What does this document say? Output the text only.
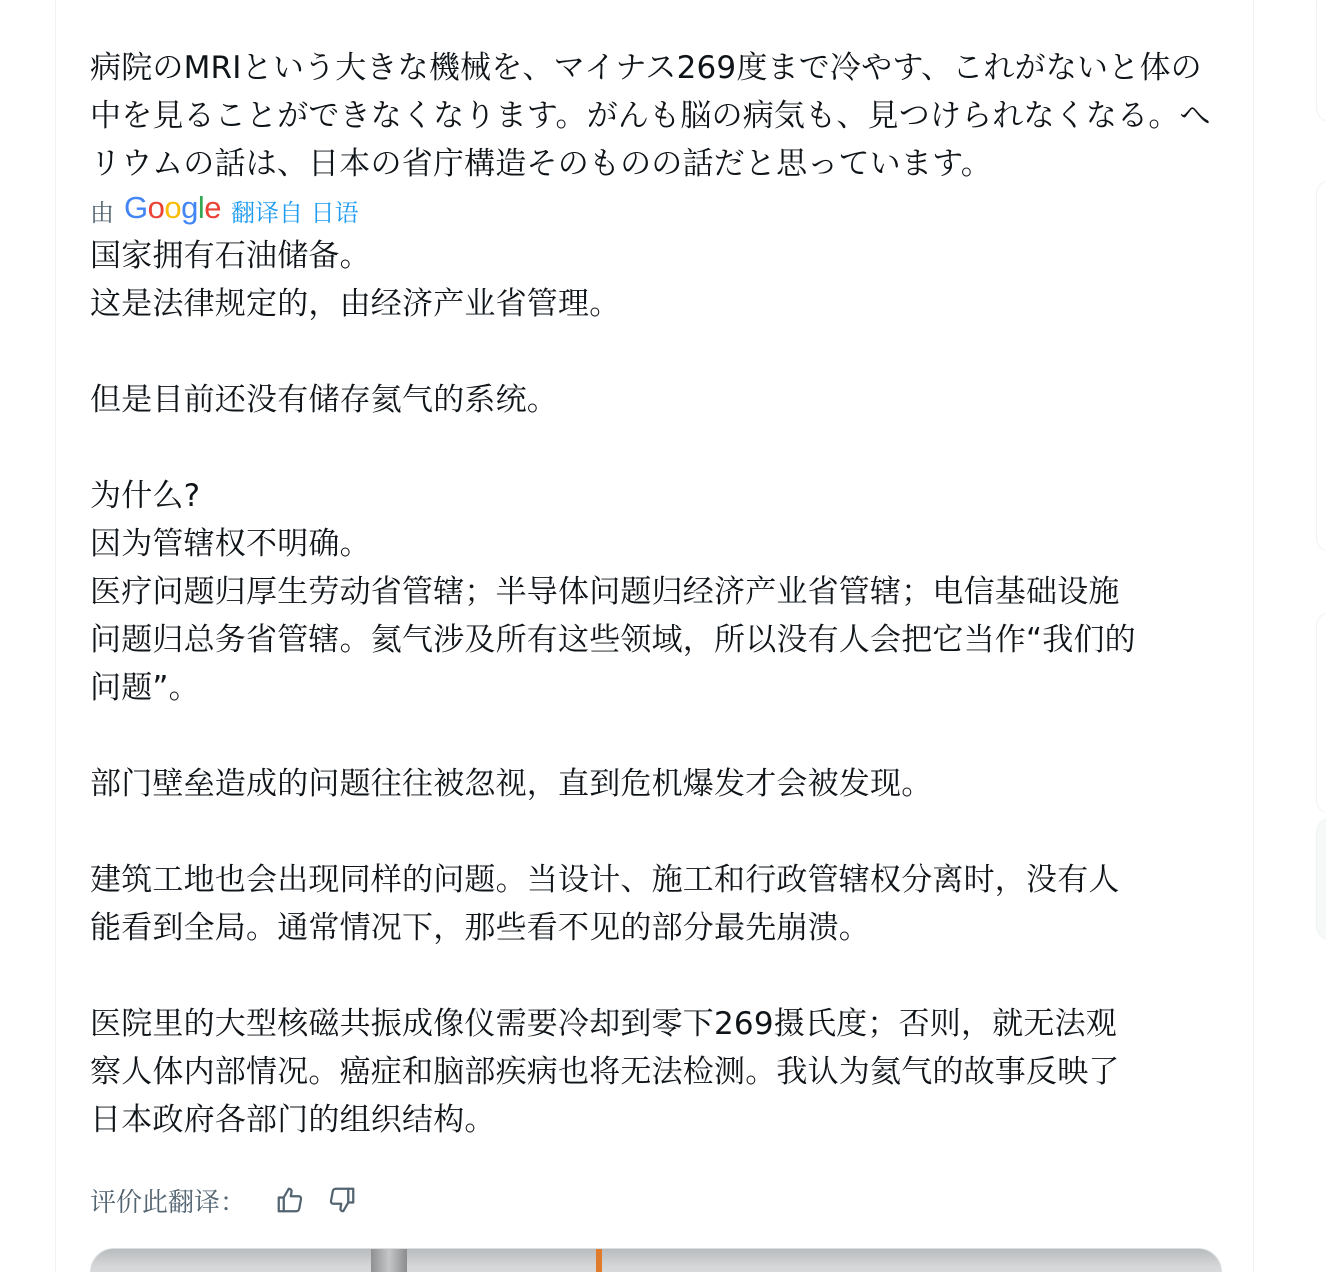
病院のMRIという大きな機械を、マイナス269度まで冷やす、これがないと体の
中を見ることができなくなります。がんも脳の病気も、見つけられなくなる。へ
リウムの話は、日本の省庁構造そのものの話だと思っています。
由 Google 翻译自 日语
国家拥有石油储备。
这是法律规定的，由经济产业省管理。
但是目前还没有储存氦气的系统。
为什么?
因为管辖权不明确。
医疗问题归厚生劳动省管辖；半导体问题归经济产业省管辖；电信基础设施
问题归总务省管辖。氦气涉及所有这些领域，所以没有人会把它当作“我们的
问题”。
部门壁垒造成的问题往往被忽视，直到危机爆发才会被发现。
建筑工地也会出现同样的问题。当设计、施工和行政管辖权分离时，没有人
能看到全局。通常情况下，那些看不见的部分最先崩溃。
医院里的大型核磁共振成像仪需要冷却到零下269摄氏度；否则，就无法观
察人体内部情况。癌症和脑部疾病也将无法检测。我认为氦气的故事反映了
日本政府各部门的组织结构。
评价此翻译：
